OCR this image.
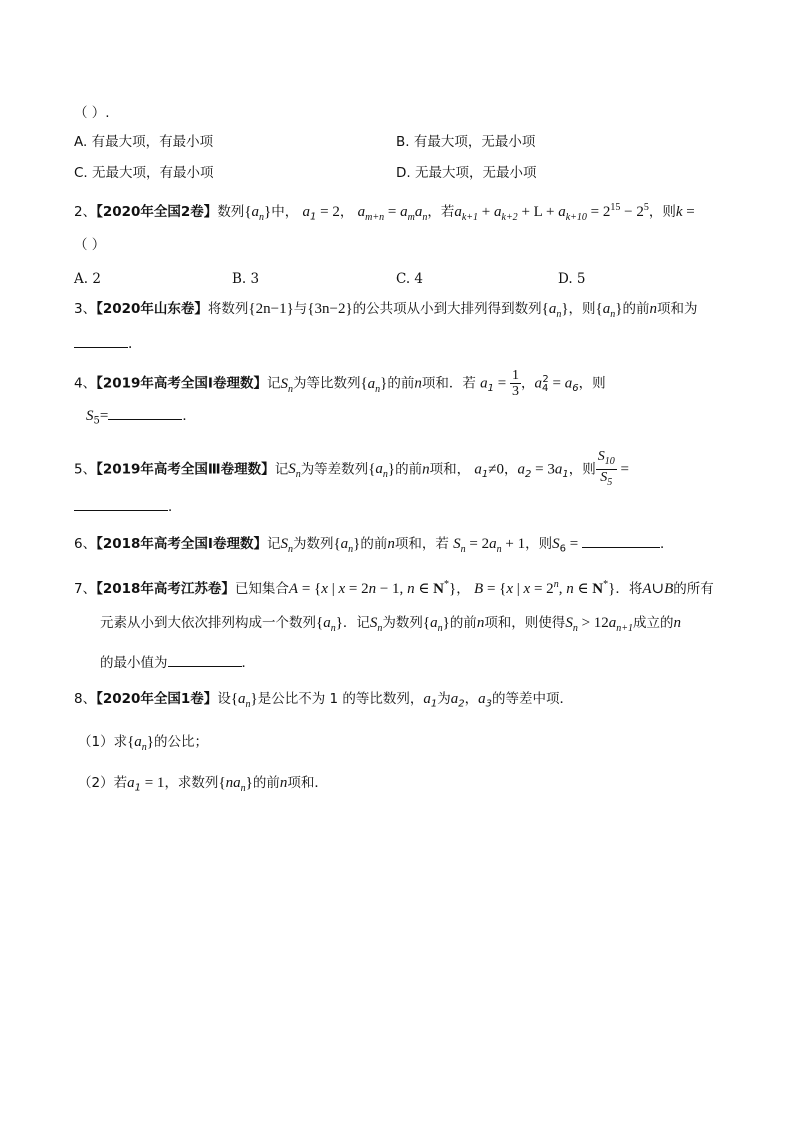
（ ）.
A. 有最大项，有最小项	B. 有最大项，无最小项
C. 无最大项，有最小项	D. 无最大项，无最小项
2、【2020年全国2卷】数列$\{a_n\}$中， $a_1 = 2$， $a_{m+n} = a_ma_n$，若$a_{k+1} + a_{k+2} + L + a_{k+10} = 2^{15} - 2^5$，则k =
（ ）
A. 2	B. 3	C. 4	D. 5
3、【2020年山东卷】将数列{2n−1}与{3n−2}的公共项从小到大排列得到数列$\{a_n\}$，则$\{a_n\}$的前n项和为
.
4、【2019年高考全国Ⅰ卷理数】记$S_n$为等比数列$\{a_n\}$的前n项和．若 $a_1 = \frac{1}{3}$ ，$a_4^2 = a_6$，则
$S_5=$	．
5、【2019年高考全国Ⅲ卷理数】记$S_n$为等差数列$\{a_n\}$的前n项和， $a_1\ne 0$，$a_2 = 3a_1$，则 $\frac{S_{10}}{S_5}$ =
．
6、【2018年高考全国Ⅰ卷理数】记$S_n$为数列$\{a_n\}$的前n项和，若 $S_n = 2a_n + 1$，则$S_6$ =	．
7、【2018年高考江苏卷】已知集合A = {x | x = 2n − 1, n ∈ N*}， B = {x | $x = 2^n$, n ∈ N*}．将A∪B的所有
元素从小到大依次排列构成一个数列$\{a_n\}$．记$S_n$为数列$\{a_n\}$的前n项和，则使得$S_n > 12a_{n+1}$成立的n
的最小值为	．
8、【2020年全国1卷】设$\{a_n\}$是公比不为 1 的等比数列，$a_1$为$a_2$，$a_3$的等差中项．
（1）求$\{a_n\}$的公比；
（2）若$a_1 = 1$，求数列$\{na_n\}$的前n项和．
